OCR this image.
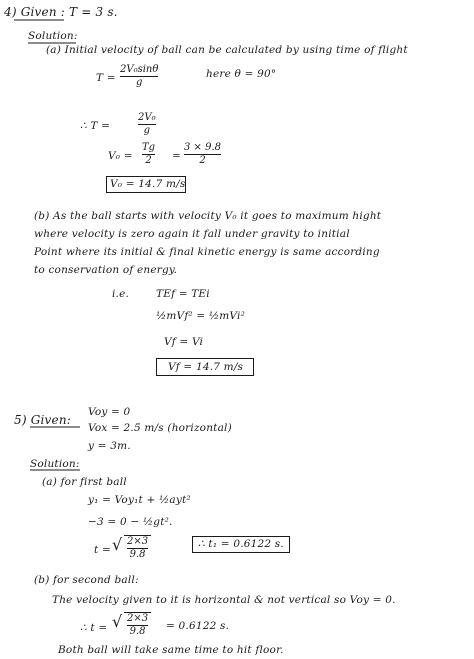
4) Given : T = 3 s.
Solution:
(a) Initial velocity of ball can be calculated by using time of flight
T =
2V₀sinθ
g
here θ = 90°
∴ T =
2V₀
g
V₀ =
Tg
2 =
3 × 9.8
2
V₀ = 14.7 m/s
(b) As the ball starts with velocity V₀ it goes to maximum hight
where velocity is zero again it fall under gravity to initial
Point where its initial & final kinetic energy is same according
to conservation of energy.
i.e.	TEf = TEi
½mVf² = ½mVi²
Vf = Vi
Vf = 14.7 m/s
5) Given:
Voy = 0
Vox = 2.5 m/s (horizontal)
y = 3m.
Solution:
(a) for first ball
y₁ = Voy₁t + ½ayt²
−3 = 0 − ½gt².
t = √ 2×3
9.8
∴ t₁ = 0.6122 s.
(b) for second ball:
The velocity given to it is horizontal & not vertical so Voy = 0.
∴ t = √ 2×3
9.8 = 0.6122 s.
Both ball will take same time to hit floor.
